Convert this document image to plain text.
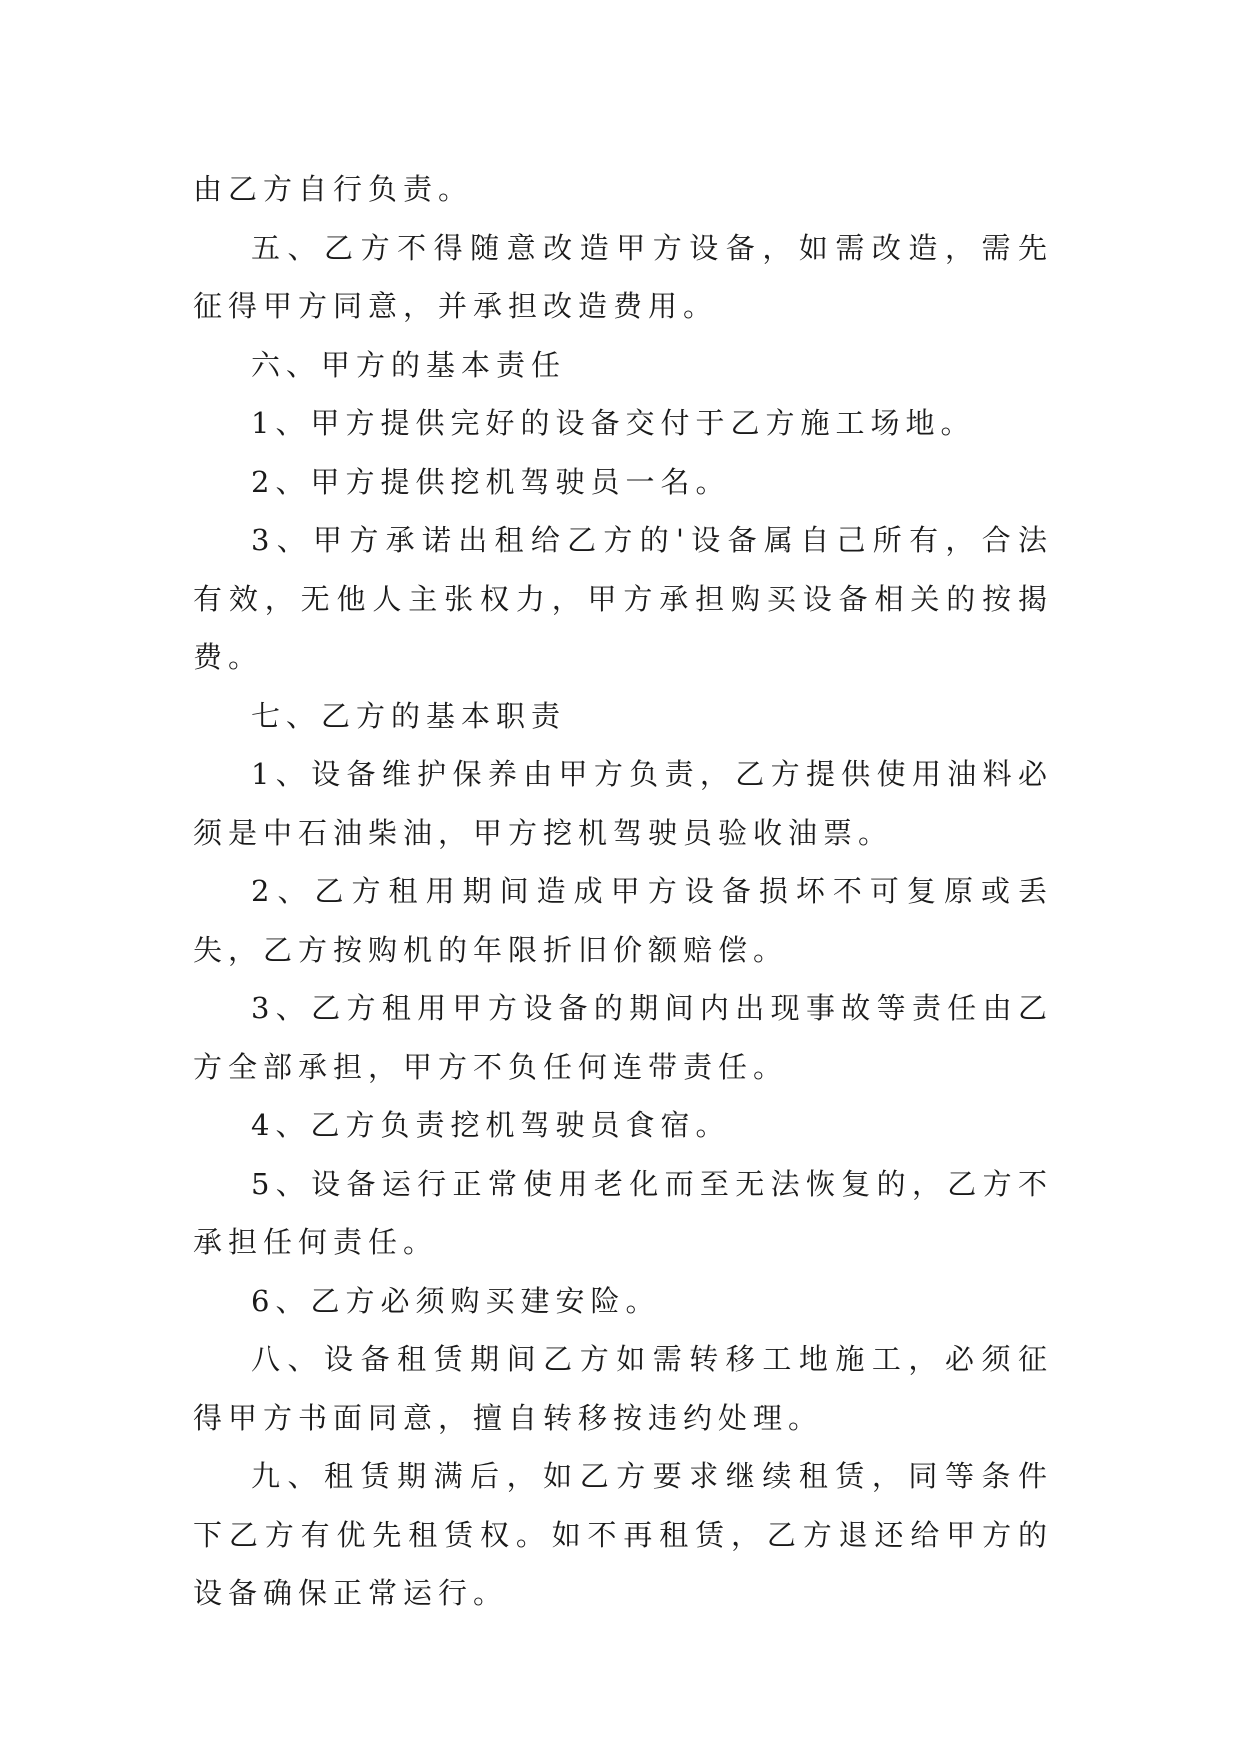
由乙方自行负责。

五、乙方不得随意改造甲方设备，如需改造，需先征得甲方同意，并承担改造费用。

六、甲方的基本责任

1、甲方提供完好的设备交付于乙方施工场地。

2、甲方提供挖机驾驶员一名。

3、甲方承诺出租给乙方的'设备属自己所有，合法有效，无他人主张权力，甲方承担购买设备相关的按揭费。

七、乙方的基本职责

1、设备维护保养由甲方负责，乙方提供使用油料必须是中石油柴油，甲方挖机驾驶员验收油票。

2、乙方租用期间造成甲方设备损坏不可复原或丢失，乙方按购机的年限折旧价额赔偿。

3、乙方租用甲方设备的期间内出现事故等责任由乙方全部承担，甲方不负任何连带责任。

4、乙方负责挖机驾驶员食宿。

5、设备运行正常使用老化而至无法恢复的，乙方不承担任何责任。

6、乙方必须购买建安险。

八、设备租赁期间乙方如需转移工地施工，必须征得甲方书面同意，擅自转移按违约处理。

九、租赁期满后，如乙方要求继续租赁，同等条件下乙方有优先租赁权。如不再租赁，乙方退还给甲方的设备确保正常运行。
